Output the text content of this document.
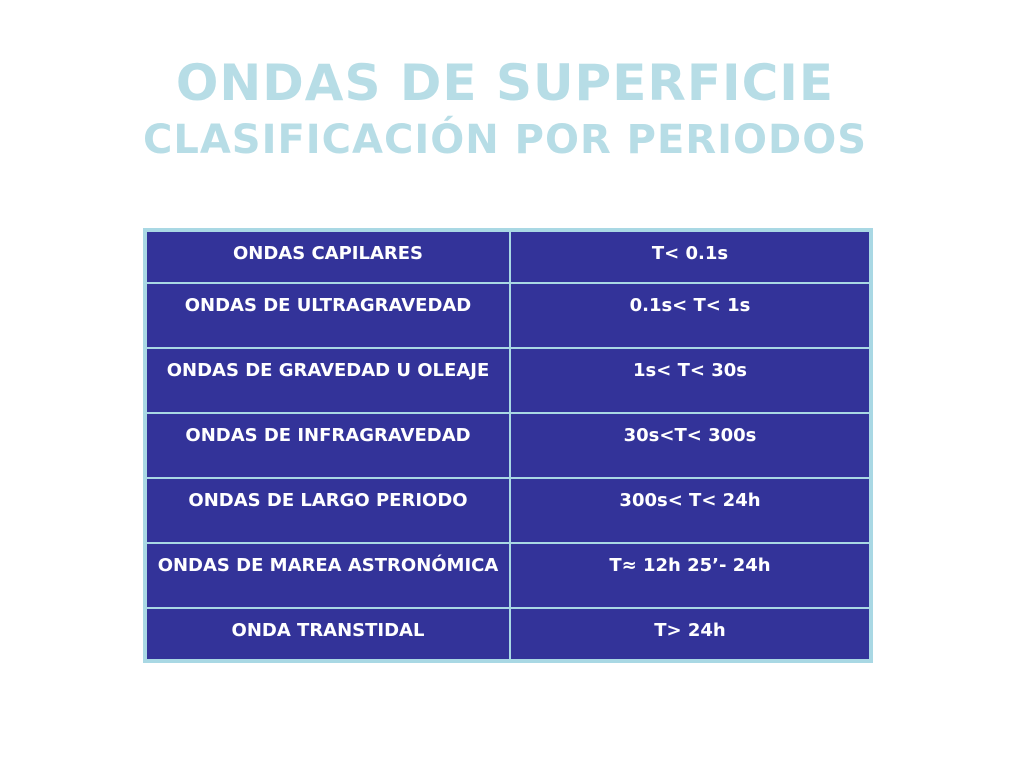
ONDAS DE SUPERFICIE
CLASIFICACIÓN POR PERIODOS
ONDAS CAPILARES	T< 0.1s
ONDAS DE ULTRAGRAVEDAD	0.1s< T< 1s
ONDAS DE GRAVEDAD U OLEAJE	1s< T< 30s
ONDAS DE INFRAGRAVEDAD	30s<T< 300s
ONDAS DE LARGO PERIODO	300s< T< 24h
ONDAS DE MAREA ASTRONÓMICA	T≈ 12h 25’- 24h
ONDA TRANSTIDAL	T> 24h
